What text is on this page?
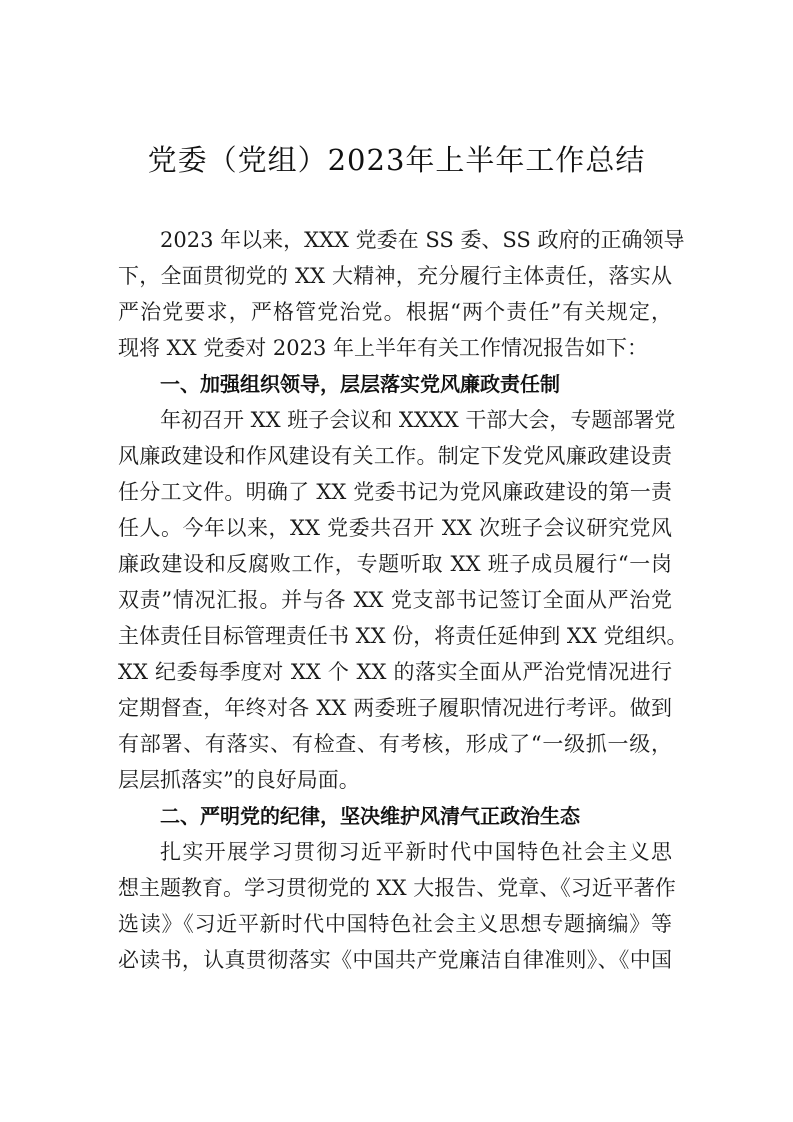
党委（党组）2023年上半年工作总结
2023 年以来，XXX 党委在 SS 委、SS 政府的正确领导
下，全面贯彻党的 XX 大精神，充分履行主体责任，落实从
严治党要求，严格管党治党。根据“两个责任”有关规定，
现将 XX 党委对 2023 年上半年有关工作情况报告如下：
一、加强组织领导，层层落实党风廉政责任制
年初召开 XX 班子会议和 XXXX 干部大会，专题部署党
风廉政建设和作风建设有关工作。制定下发党风廉政建设责
任分工文件。明确了 XX 党委书记为党风廉政建设的第一责
任人。今年以来，XX 党委共召开 XX 次班子会议研究党风
廉政建设和反腐败工作，专题听取 XX 班子成员履行“一岗
双责”情况汇报。并与各 XX 党支部书记签订全面从严治党
主体责任目标管理责任书 XX 份，将责任延伸到 XX 党组织。
XX 纪委每季度对 XX 个 XX 的落实全面从严治党情况进行
定期督查，年终对各 XX 两委班子履职情况进行考评。做到
有部署、有落实、有检查、有考核，形成了“一级抓一级，
层层抓落实”的良好局面。
二、严明党的纪律，坚决维护风清气正政治生态
扎实开展学习贯彻习近平新时代中国特色社会主义思
想主题教育。学习贯彻党的 XX 大报告、党章、《习近平著作
选读》《习近平新时代中国特色社会主义思想专题摘编》等
必读书，认真贯彻落实《中国共产党廉洁自律准则》、《中国
